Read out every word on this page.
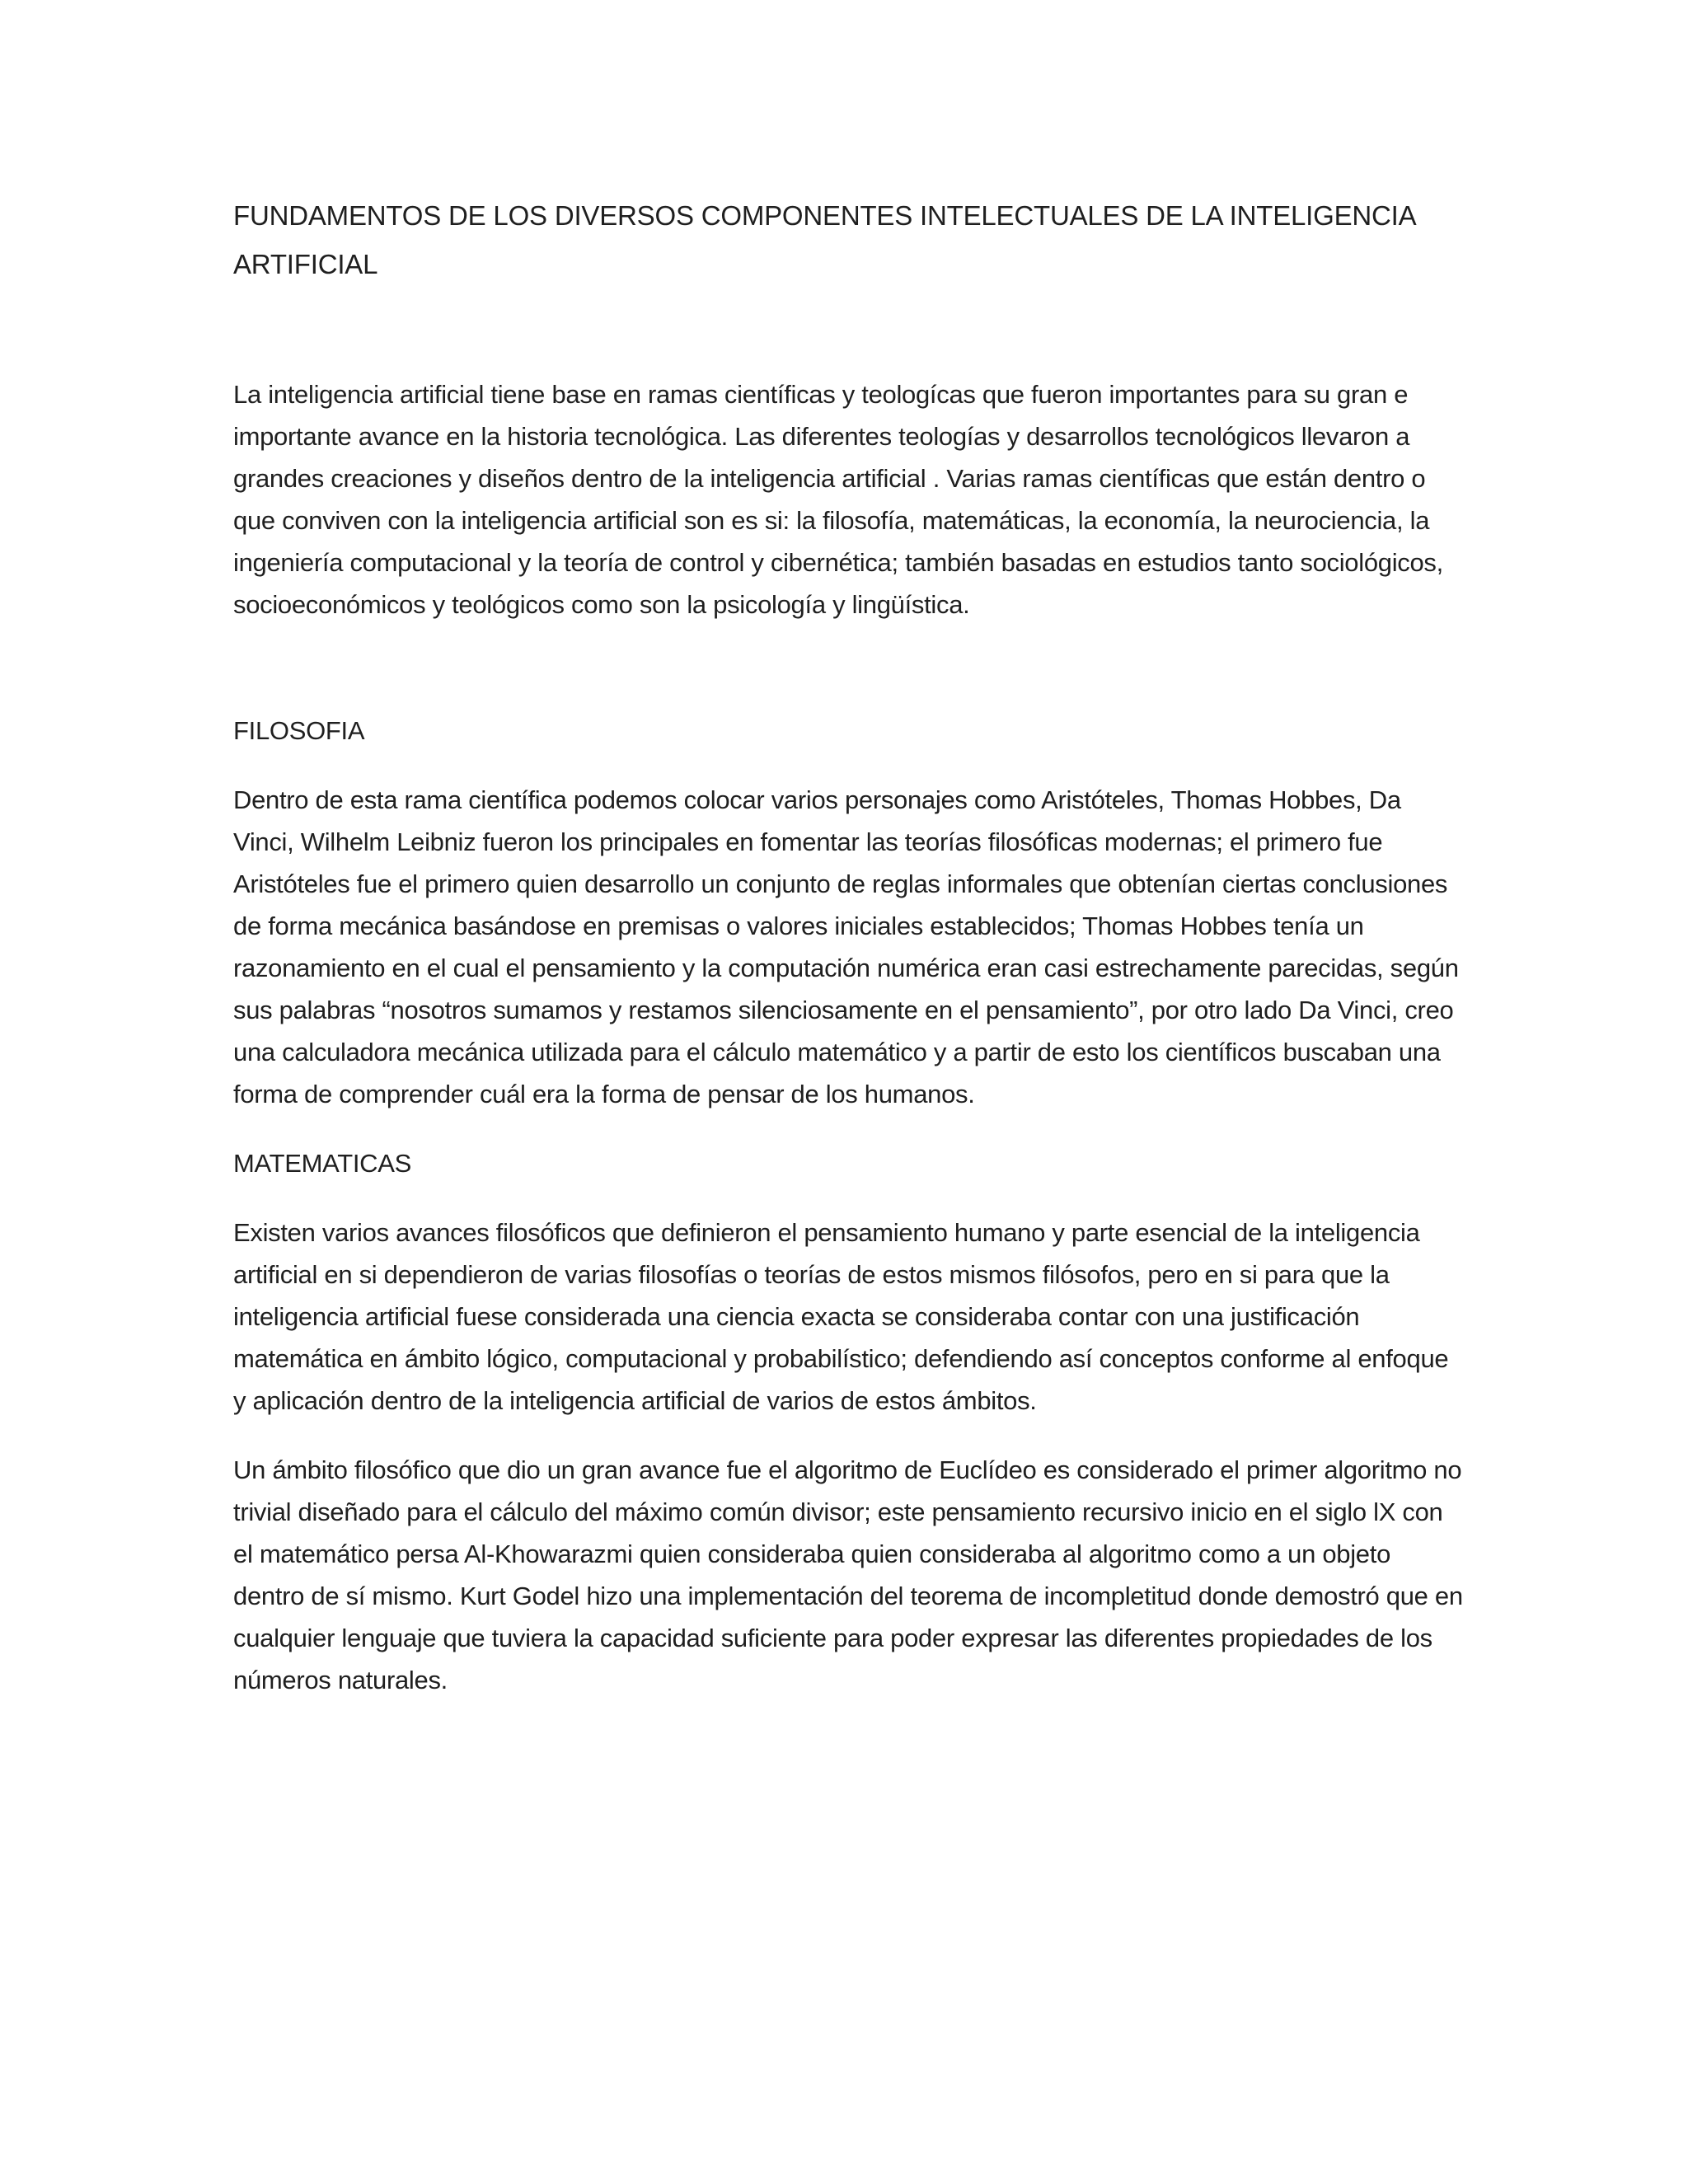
FUNDAMENTOS DE LOS DIVERSOS COMPONENTES INTELECTUALES DE LA INTELIGENCIA ARTIFICIAL

La inteligencia artificial tiene base en ramas científicas y teologícas que fueron importantes para su gran e importante avance en la historia tecnológica. Las diferentes teologías y desarrollos tecnológicos llevaron a grandes creaciones y diseños dentro de la inteligencia artificial . Varias ramas científicas que están dentro o que conviven con la inteligencia artificial son es si: la filosofía, matemáticas, la economía, la neurociencia, la ingeniería computacional y la teoría de control y cibernética; también basadas en estudios tanto sociológicos, socioeconómicos y teológicos como son la psicología y lingüística.

FILOSOFIA

Dentro de esta rama científica podemos colocar varios personajes como Aristóteles, Thomas Hobbes, Da Vinci, Wilhelm Leibniz fueron los principales en fomentar las teorías filosóficas modernas; el primero fue Aristóteles fue el primero quien desarrollo un conjunto de reglas informales que obtenían ciertas conclusiones de forma mecánica basándose en premisas o valores iniciales establecidos; Thomas Hobbes tenía un razonamiento en el cual el pensamiento y la computación numérica eran casi estrechamente parecidas, según sus palabras “nosotros sumamos y restamos silenciosamente en el pensamiento”, por otro lado Da Vinci, creo una calculadora mecánica utilizada para el cálculo matemático y a partir de esto los científicos buscaban una forma de comprender cuál era la forma de pensar de los humanos.

MATEMATICAS

Existen varios avances filosóficos que definieron el pensamiento humano y parte esencial de la inteligencia artificial en si dependieron de varias filosofías o teorías de estos mismos filósofos, pero en si para que la inteligencia artificial fuese considerada una ciencia exacta se consideraba contar con una justificación matemática en ámbito lógico, computacional y probabilístico; defendiendo así conceptos conforme al enfoque y aplicación dentro de la inteligencia artificial de varios de estos ámbitos.

Un ámbito filosófico que dio un gran avance fue el algoritmo de Euclídeo es considerado el primer algoritmo no trivial diseñado para el cálculo del máximo común divisor; este pensamiento recursivo inicio en el siglo lX con el matemático persa Al-Khowarazmi quien consideraba quien consideraba al algoritmo como a un objeto dentro de sí mismo. Kurt Godel hizo una implementación del teorema de incompletitud donde demostró que en cualquier lenguaje que tuviera la capacidad suficiente para poder expresar las diferentes propiedades de los números naturales.
